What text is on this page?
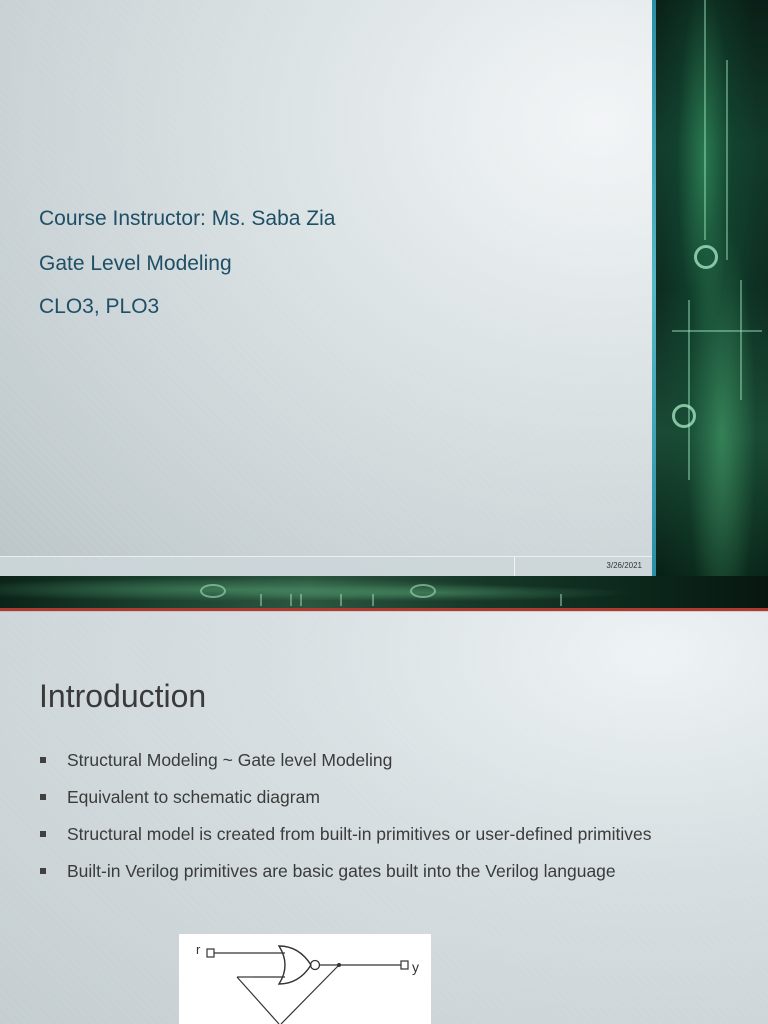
Course Instructor: Ms. Saba Zia
Gate Level Modeling
CLO3, PLO3
3/26/2021
Introduction
Structural Modeling ~ Gate level Modeling
Equivalent to schematic diagram
Structural model is created from built-in primitives or user-defined primitives
Built-in Verilog primitives are basic gates built into the Verilog language
r
y
